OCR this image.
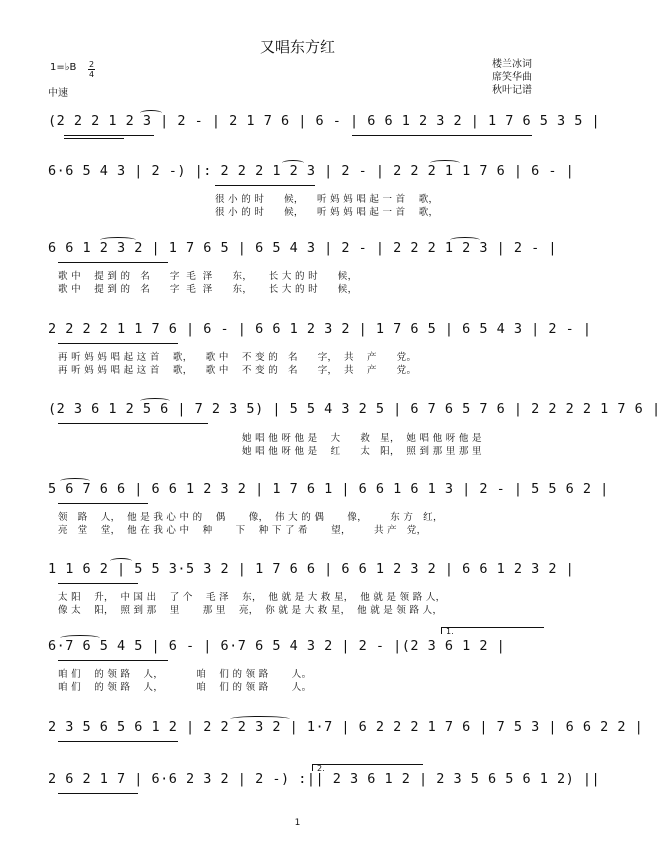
又唱东方红
1=♭B 2
4
中速
楼兰冰词
席笑华曲
秋叶记谱
(2 2 2 1 2 3 | 2 - | 2 1 7 6 | 6 - | 6 6 1 2 3 2 | 1 7 6 5 3 5 |
6·6 5 4 3 | 2 -) |: 2 2 2 1 2 3 | 2 - | 2 2 2 1 1 7 6 | 6 - |
很 小 的 时      候，    听 妈 妈 唱 起 一 首    歌，
很 小 的 时      候，    听 妈 妈 唱 起 一 首    歌，
6 6 1 2 3 2 | 1 7 6 5 | 6 5 4 3 | 2 - | 2 2 2 1 2 3 | 2 - |
歌 中    提 到 的   名      字  毛  泽      东，     长 大 的 时      候，
歌 中    提 到 的   名      字  毛  泽      东，     长 大 的 时      候，
2 2 2 2 1 1 7 6 | 6 - | 6 6 1 2 3 2 | 1 7 6 5 | 6 5 4 3 | 2 - |
再 听 妈 妈 唱 起 这 首    歌，    歌 中    不 变 的   名      字，  共    产      党。
再 听 妈 妈 唱 起 这 首    歌，    歌 中    不 变 的   名      字，  共    产      党。
(2 3 6 1 2 5 6 | 7 2 3 5) | 5 5 4 3 2 5 | 6 7 6 5 7 6 | 2 2 2 2 1 7 6 |
她 唱 他 呀 他 是    大      救   星，  她 唱 他 呀 他 是
她 唱 他 呀 他 是    红      太   阳，  照 到 那 里 那 里
5 6 7 6 6 | 6 6 1 2 3 2 | 1 7 6 1 | 6 6 1 6 1 3 | 2 - | 5 5 6 2 |
领   路    人，  他 是 我 心 中 的    偶       像，  伟 大 的 偶       像，       东 方   红，
亮   堂    堂，  他 在 我 心 中    种       下    种 下 了 希       望，       共 产   党，
1 1 6 2 | 5 5 3·5 3 2 | 1 7 6 6 | 6 6 1 2 3 2 | 6 6 1 2 3 2 |
太 阳    升，  中 国 出    了 个    毛 泽    东，  他 就 是 大 救 星，  他 就 是 领 路 人，
像 太    阳，  照 到 那    里       那 里    亮，  你 就 是 大 救 星，  他 就 是 领 路 人，
1.
6·7 6 5 4 5 | 6 - | 6·7 6 5 4 3 2 | 2 - |(2 3 6 1 2 |
咱 们    的 领 路    人，          咱    们 的 领 路       人。
咱 们    的 领 路    人，          咱    们 的 领 路       人。
2 3 5 6 5 6 1 2 | 2 2 2 3 2 | 1·7 | 6 2 2 2 1 7 6 | 7 5 3 | 6 6 2 2 |
2.
2 6 2 1 7 | 6·6 2 3 2 | 2 -) :|| 2 3 6 1 2 | 2 3 5 6 5 6 1 2) ||
1
